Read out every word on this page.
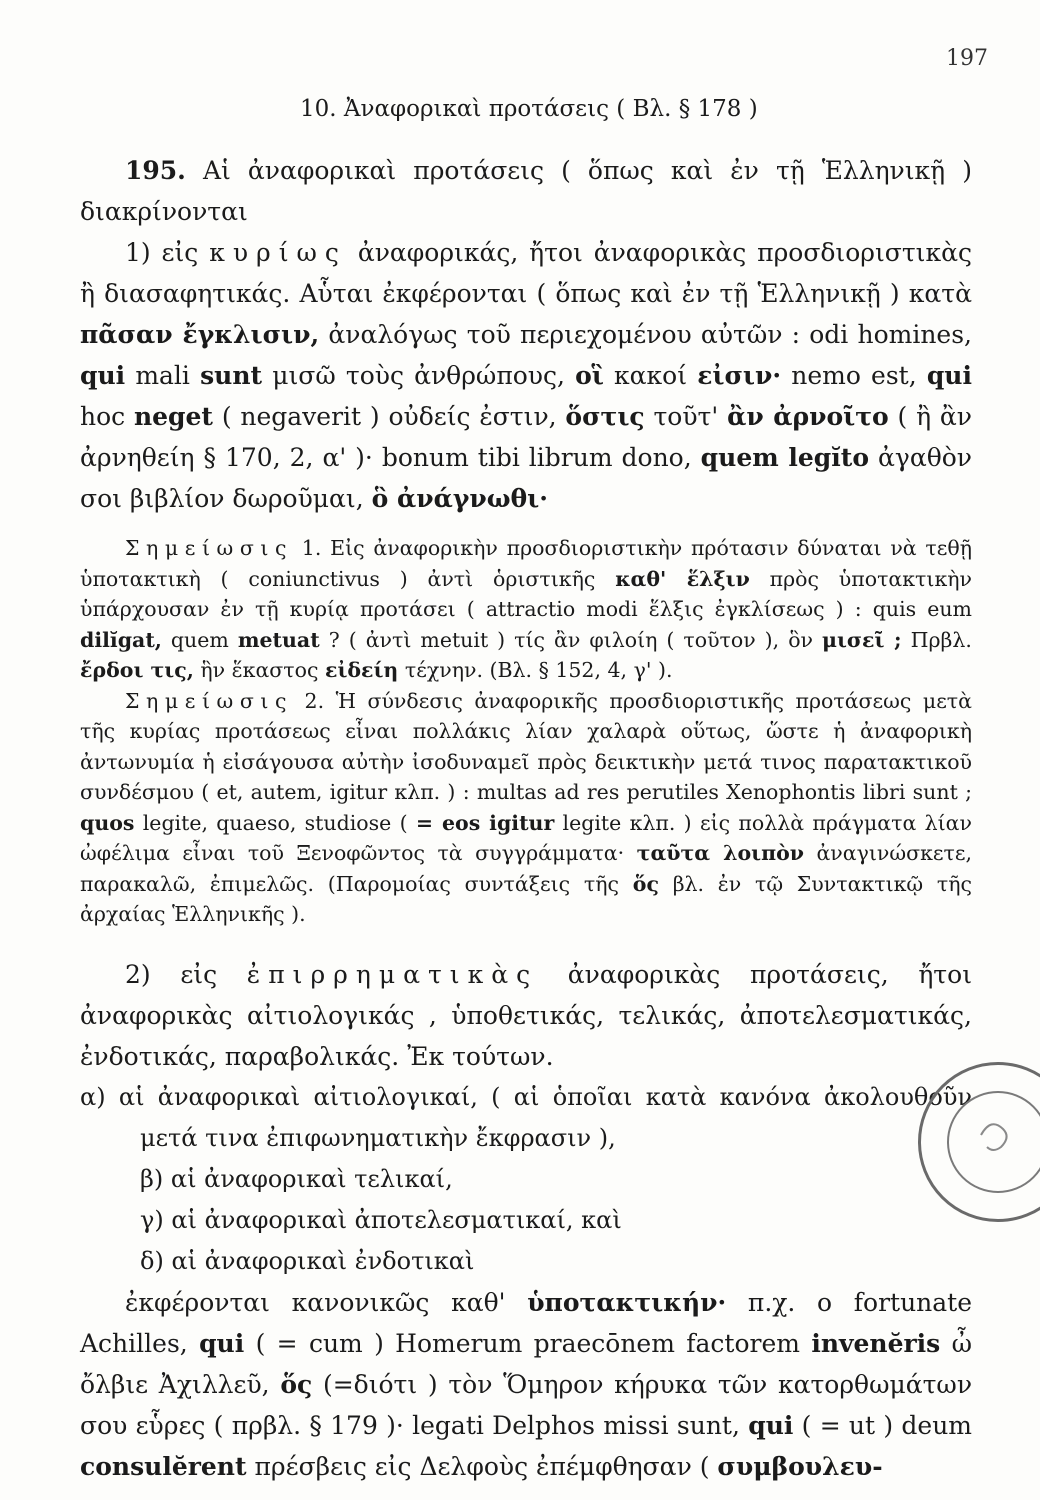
197
10. Ἀναφορικαὶ προτάσεις ( Βλ. § 178 )

195. Αἱ ἀναφορικαὶ προτάσεις ( ὅπως καὶ ἐν τῇ Ἑλληνικῇ ) διακρίνονται

1) εἰς κυρίως ἀναφορικάς, ἤτοι ἀναφορικὰς προσδιοριστικὰς ἢ διασαφητικάς. Αὗται ἐκφέρονται ( ὅπως καὶ ἐν τῇ Ἑλληνικῇ ) κατὰ πᾶσαν ἔγκλισιν, ἀναλόγως τοῦ περιεχομένου αὐτῶν : odi homines, qui mali sunt μισῶ τοὺς ἀνθρώπους, οἳ κακοί εἰσιν· nemo est, qui hoc neget ( negaverit ) οὐδείς ἐστιν, ὅστις τοῦτ' ἂν ἀρνοῖτο ( ἢ ἂν ἀρνηθείη § 170, 2, α' )· bonum tibi librum dono, quem legĭto ἀγαθὸν σοι βιβλίον δωροῦμαι, ὃ ἀνάγνωθι·

Σημείωσις 1. Εἰς ἀναφορικὴν προσδιοριστικὴν πρότασιν δύναται νὰ τεθῇ ὑποτακτικὴ ( coniunctivus ) ἀντὶ ὁριστικῆς καθ' ἕλξιν πρὸς ὑποτακτικὴν ὑπάρχουσαν ἐν τῇ κυρίᾳ προτάσει ( attractio modi ἕλξις ἐγκλίσεως ) : quis eum dilĭgat, quem metuat ? ( ἀντὶ metuit ) τίς ἂν φιλοίη ( τοῦτον ), ὃν μισεῖ ; Πρβλ. ἔρδοι τις, ἣν ἕκαστος εἰδείη τέχνην. (Βλ. § 152, 4, γ' ).

Σημείωσις 2. Ἡ σύνδεσις ἀναφορικῆς προσδιοριστικῆς προτάσεως μετὰ τῆς κυρίας προτάσεως εἶναι πολλάκις λίαν χαλαρὰ οὕτως, ὥστε ἡ ἀναφορικὴ ἀντωνυμία ἡ εἰσάγουσα αὐτὴν ἰσοδυναμεῖ πρὸς δεικτικὴν μετά τινος παρατακτικοῦ συνδέσμου ( et, autem, igitur κλπ. ) : multas ad res perutiles Xenophontis libri sunt ; quos legite, quaeso, studiose ( = eos igitur legite κλπ. ) εἰς πολλὰ πράγματα λίαν ὠφέλιμα εἶναι τοῦ Ξενοφῶντος τὰ συγγράμματα· ταῦτα λοιπὸν ἀναγινώσκετε, παρακαλῶ, ἐπιμελῶς. (Παρομοίας συντάξεις τῆς ὅς βλ. ἐν τῷ Συντακτικῷ τῆς ἀρχαίας Ἑλληνικῆς ).

2) εἰς ἐπιρρηματικὰς ἀναφορικὰς προτάσεις, ἤτοι ἀναφορικὰς αἰτιολογικάς , ὑποθετικάς, τελικάς, ἀποτελεσματικάς, ἐνδοτικάς, παραβολικάς. Ἐκ τούτων.

α) αἱ ἀναφορικαὶ αἰτιολογικαί, ( αἱ ὁποῖαι κατὰ κανόνα ἀκολουθοῦν μετά τινα ἐπιφωνηματικὴν ἔκφρασιν ),

β) αἱ ἀναφορικαὶ τελικαί,

γ) αἱ ἀναφορικαὶ ἀποτελεσματικαί, καὶ

δ) αἱ ἀναφορικαὶ ἐνδοτικαὶ

ἐκφέρονται κανονικῶς καθ' ὑποτακτικήν· π.χ. o fortunate Achilles, qui ( = cum ) Homerum praecōnem factorem invenĕris ὦ ὄλβιε Ἀχιλλεῦ, ὅς (=διότι ) τὸν Ὅμηρον κήρυκα τῶν κατορθωμάτων σου εὗρες ( πρβλ. § 179 )· legati Delphos missi sunt, qui ( = ut ) deum consulĕrent πρέσβεις εἰς Δελφοὺς ἐπέμφθησαν ( συμβουλευ-
